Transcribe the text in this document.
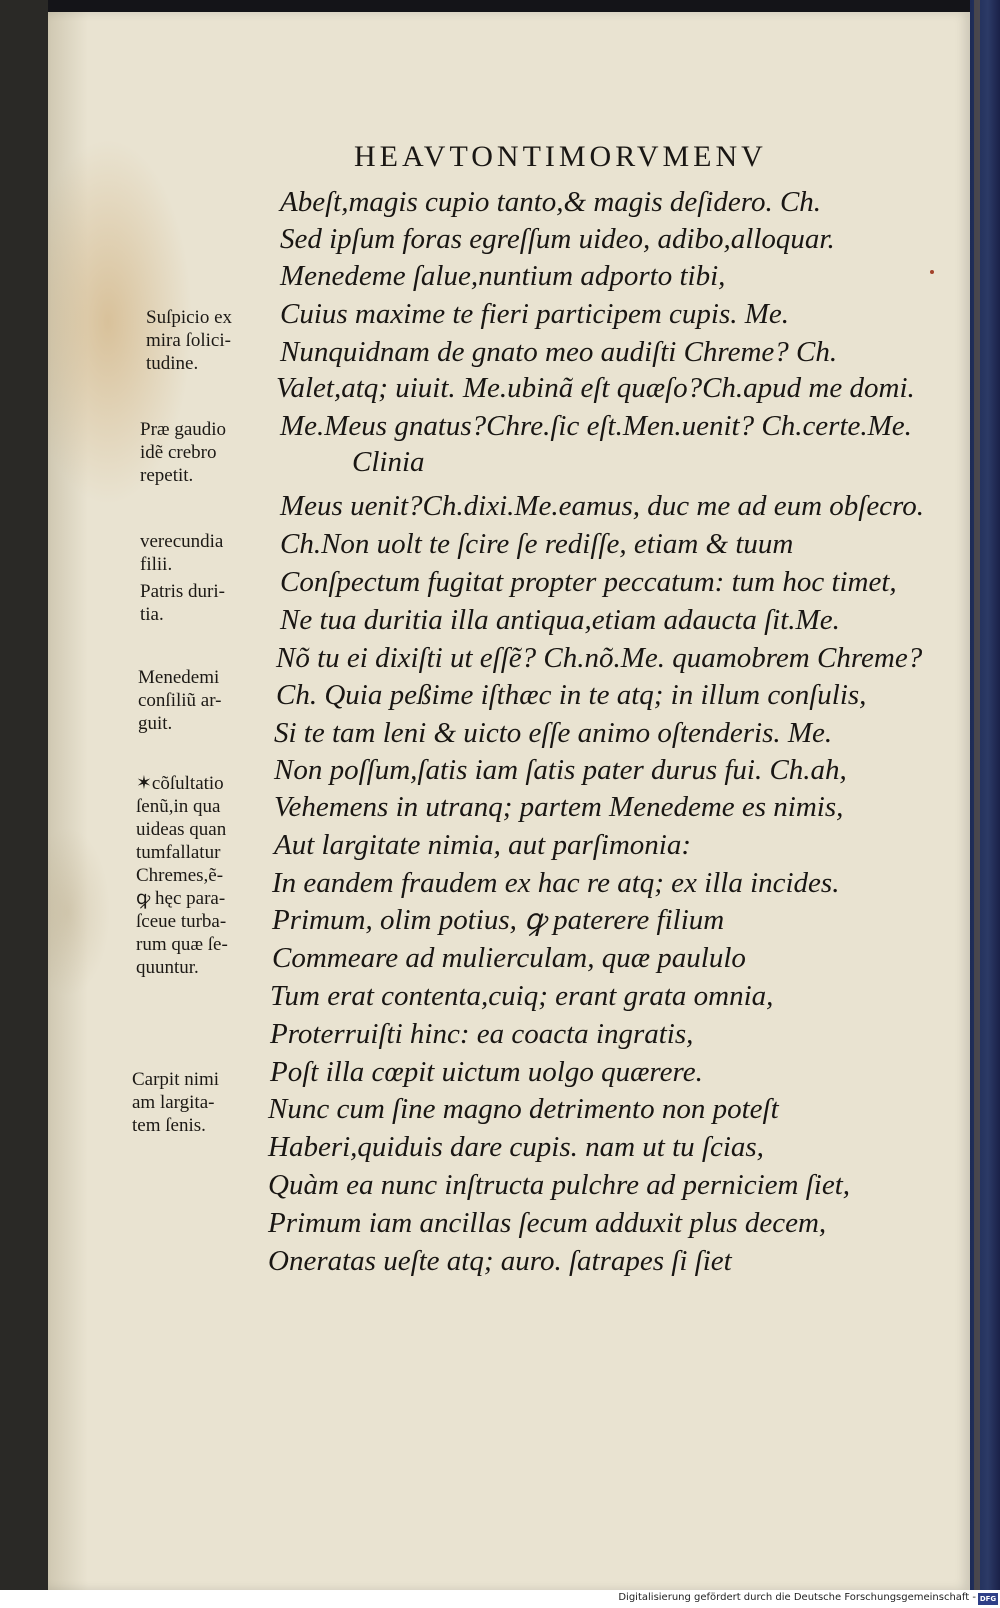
HEAVTONTIMORVMENV
Abeſt,magis cupio tanto,& magis deſidero. Ch.
Sed ipſum foras egreſſum uideo, adibo,alloquar.
Menedeme ſalue,nuntium adporto tibi,
Cuius maxime te fieri participem cupis. Me.
Nunquidnam de gnato meo audiſti Chreme? Ch.
Valet,atq; uiuit. Me.ubinã eſt quæſo?Ch.apud me domi.
Me.Meus gnatus?Chre.ſic eſt.Men.uenit? Ch.certe.Me.
Clinia
Meus uenit?Ch.dixi.Me.eamus, duc me ad eum obſecro.
Ch.Non uolt te ſcire ſe rediſſe, etiam & tuum
Conſpectum fugitat propter peccatum: tum hoc timet,
Ne tua duritia illa antiqua,etiam adaucta ſit.Me.
Nõ tu ei dixiſti ut eſſẽ? Ch.nõ.Me. quamobrem Chreme?
Ch. Quia peßime iſthæc in te atq; in illum conſulis,
Si te tam leni & uicto eſſe animo oſtenderis. Me.
Non poſſum,ſatis iam ſatis pater durus fui. Ch.ah,
Vehemens in utranq; partem Menedeme es nimis,
Aut largitate nimia, aut parſimonia:
In eandem fraudem ex hac re atq; ex illa incides.
Primum, olim potius, ꝙ paterere filium
Commeare ad mulierculam, quæ paululo
Tum erat contenta,cuiq; erant grata omnia,
Proterruiſti hinc: ea coacta ingratis,
Poſt illa cœpit uictum uolgo quærere.
Nunc cum ſine magno detrimento non poteſt
Haberi,quiduis dare cupis. nam ut tu ſcias,
Quàm ea nunc inſtructa pulchre ad perniciem ſiet,
Primum iam ancillas ſecum adduxit plus decem,
Oneratas ueſte atq; auro. ſatrapes ſi ſiet
Suſpicio ex
mira ſolici-
tudine.
Præ gaudio
idẽ crebro
repetit.
verecundia
filii.
Patris duri-
tia.
Menedemi
conſiliũ ar-
guit.
✶cõſultatio
ſenũ,in qua
uideas quan
tumfallatur
Chremes,ẽ-
ꝙ hęc para-
ſceue turba-
rum quæ ſe-
quuntur.
Carpit nimi
am largita-
tem ſenis.
Digitalisierung gefördert durch die Deutsche Forschungsgemeinschaft - DFG
